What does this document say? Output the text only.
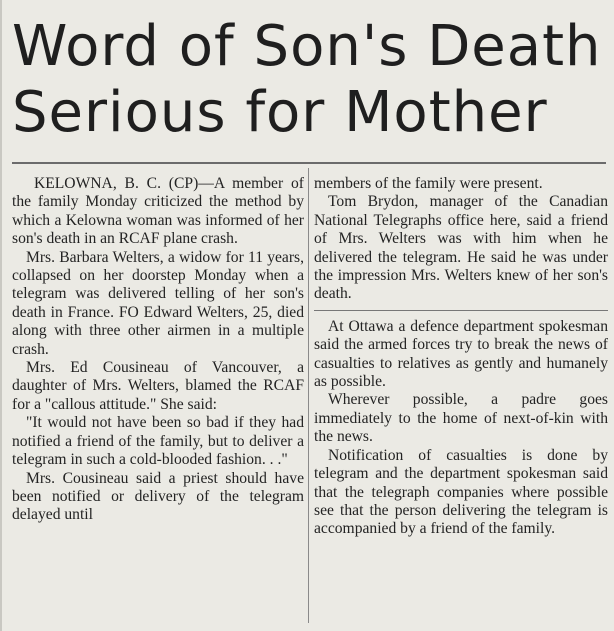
Word of Son's Death
Serious for Mother

KELOWNA, B. C. (CP)—A member of the family Monday criticized the method by which a Kelowna woman was informed of her son's death in an RCAF plane crash.

Mrs. Barbara Welters, a widow for 11 years, collapsed on her doorstep Monday when a telegram was delivered telling of her son's death in France. FO Edward Welters, 25, died along with three other airmen in a multiple crash.

Mrs. Ed Cousineau of Vancouver, a daughter of Mrs. Welters, blamed the RCAF for a "callous attitude." She said:

"It would not have been so bad if they had notified a friend of the family, but to deliver a telegram in such a cold-blooded fashion. . ."

Mrs. Cousineau said a priest should have been notified or delivery of the telegram delayed until

members of the family were present.

Tom Brydon, manager of the Canadian National Telegraphs office here, said a friend of Mrs. Welters was with him when he delivered the telegram. He said he was under the impression Mrs. Welters knew of her son's death.

At Ottawa a defence department spokesman said the armed forces try to break the news of casualties to relatives as gently and humanely as possible.

Wherever possible, a padre goes immediately to the home of next-of-kin with the news.

Notification of casualties is done by telegram and the department spokesman said that the telegraph companies where possible see that the person delivering the telegram is accompanied by a friend of the family.
